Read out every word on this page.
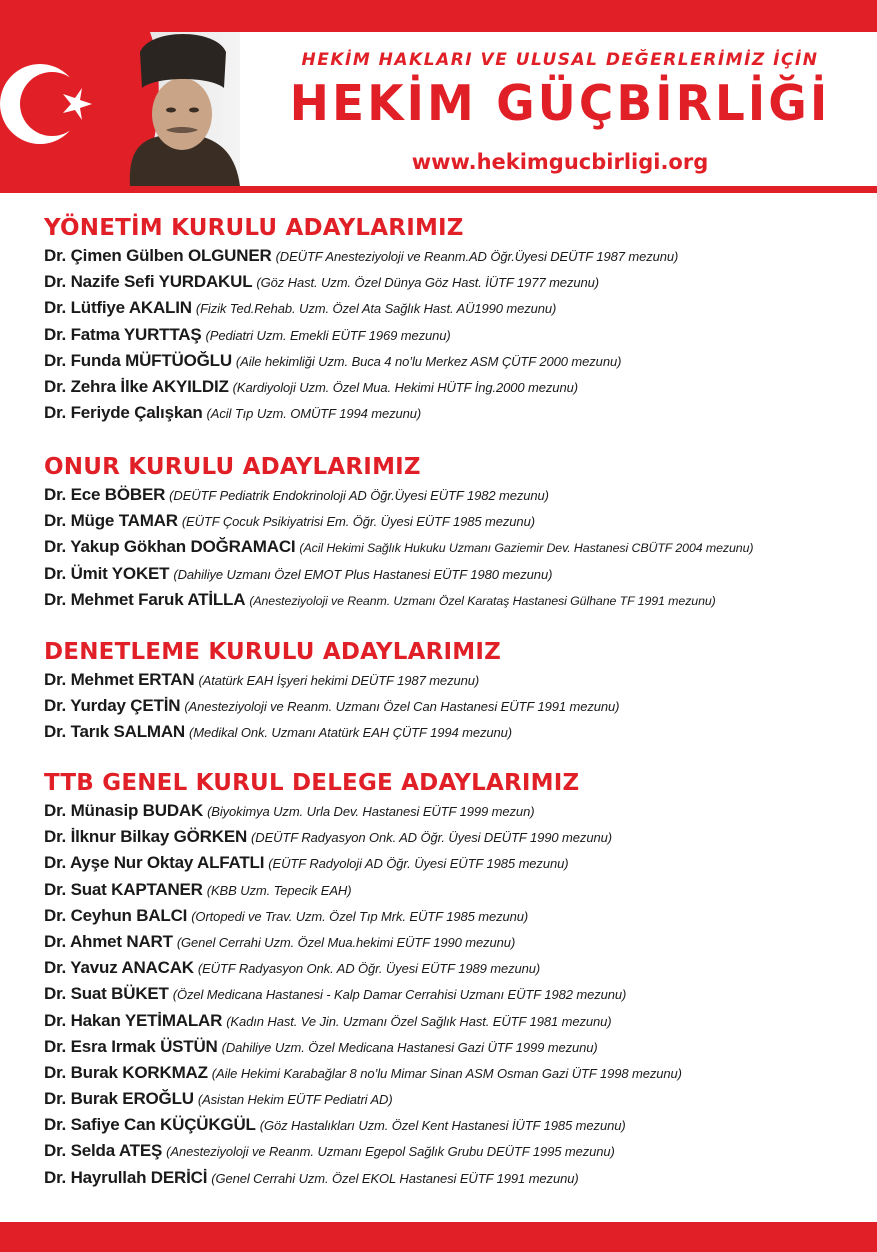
HEKİM HAKLARI VE ULUSAL DEĞERLERİMİZ İÇİN
HEKİM GÜÇBİRLİĞİ
www.hekimgucbirligi.org
YÖNETİM KURULU ADAYLARIMIZ
Dr. Çimen Gülben OLGUNER (DEÜTF Anesteziyoloji ve Reanm.AD Öğr.Üyesi DEÜTF 1987 mezunu)
Dr. Nazife Sefi YURDAKUL (Göz Hast. Uzm. Özel Dünya Göz Hast. İÜTF 1977 mezunu)
Dr. Lütfiye AKALIN (Fizik Ted.Rehab. Uzm. Özel Ata Sağlık Hast. AÜ1990 mezunu)
Dr. Fatma YURTTAŞ (Pediatri Uzm. Emekli EÜTF 1969 mezunu)
Dr. Funda MÜFTÜOĞLU (Aile hekimliği Uzm. Buca 4 no’lu Merkez ASM ÇÜTF 2000 mezunu)
Dr. Zehra İlke AKYILDIZ (Kardiyoloji Uzm. Özel Mua. Hekimi HÜTF İng.2000 mezunu)
Dr. Feriyde Çalışkan (Acil Tıp Uzm. OMÜTF 1994 mezunu)
ONUR KURULU ADAYLARIMIZ
Dr. Ece BÖBER (DEÜTF Pediatrik Endokrinoloji AD Öğr.Üyesi EÜTF 1982 mezunu)
Dr. Müge TAMAR (EÜTF Çocuk Psikiyatrisi Em. Öğr. Üyesi EÜTF 1985 mezunu)
Dr. Yakup Gökhan DOĞRAMACI (Acil Hekimi Sağlık Hukuku Uzmanı Gaziemir Dev. Hastanesi CBÜTF 2004 mezunu)
Dr. Ümit YOKET (Dahiliye Uzmanı Özel EMOT Plus Hastanesi EÜTF 1980 mezunu)
Dr. Mehmet Faruk ATİLLA (Anesteziyoloji ve Reanm. Uzmanı Özel Karataş Hastanesi Gülhane TF 1991 mezunu)
DENETLEME KURULU ADAYLARIMIZ
Dr. Mehmet ERTAN (Atatürk EAH İşyeri hekimi DEÜTF 1987 mezunu)
Dr. Yurday ÇETİN (Anesteziyoloji ve Reanm. Uzmanı Özel Can Hastanesi EÜTF 1991 mezunu)
Dr. Tarık SALMAN (Medikal Onk. Uzmanı Atatürk EAH ÇÜTF 1994 mezunu)
TTB GENEL KURUL DELEGE ADAYLARIMIZ
Dr. Münasip BUDAK (Biyokimya Uzm. Urla Dev. Hastanesi EÜTF 1999 mezun)
Dr. İlknur Bilkay GÖRKEN (DEÜTF Radyasyon Onk. AD Öğr. Üyesi DEÜTF 1990 mezunu)
Dr. Ayşe Nur Oktay ALFATLI (EÜTF Radyoloji AD Öğr. Üyesi EÜTF 1985 mezunu)
Dr. Suat KAPTANER (KBB Uzm. Tepecik EAH)
Dr. Ceyhun BALCI (Ortopedi ve Trav. Uzm. Özel Tıp Mrk. EÜTF 1985 mezunu)
Dr. Ahmet NART (Genel Cerrahi Uzm. Özel Mua.hekimi EÜTF 1990 mezunu)
Dr. Yavuz ANACAK (EÜTF Radyasyon Onk. AD Öğr. Üyesi EÜTF 1989 mezunu)
Dr. Suat BÜKET (Özel Medicana Hastanesi - Kalp Damar Cerrahisi Uzmanı EÜTF 1982 mezunu)
Dr. Hakan YETİMALAR (Kadın Hast. Ve Jin. Uzmanı Özel Sağlık Hast. EÜTF 1981 mezunu)
Dr. Esra Irmak ÜSTÜN (Dahiliye Uzm. Özel Medicana Hastanesi Gazi ÜTF 1999 mezunu)
Dr. Burak KORKMAZ (Aile Hekimi Karabağlar 8 no’lu Mimar Sinan ASM Osman Gazi ÜTF 1998 mezunu)
Dr. Burak EROĞLU (Asistan Hekim EÜTF Pediatri AD)
Dr. Safiye Can KÜÇÜKGÜL (Göz Hastalıkları Uzm. Özel Kent Hastanesi İÜTF 1985 mezunu)
Dr. Selda ATEŞ (Anesteziyoloji ve Reanm. Uzmanı Egepol Sağlık Grubu DEÜTF 1995 mezunu)
Dr. Hayrullah DERİCİ (Genel Cerrahi Uzm. Özel EKOL Hastanesi EÜTF 1991 mezunu)
